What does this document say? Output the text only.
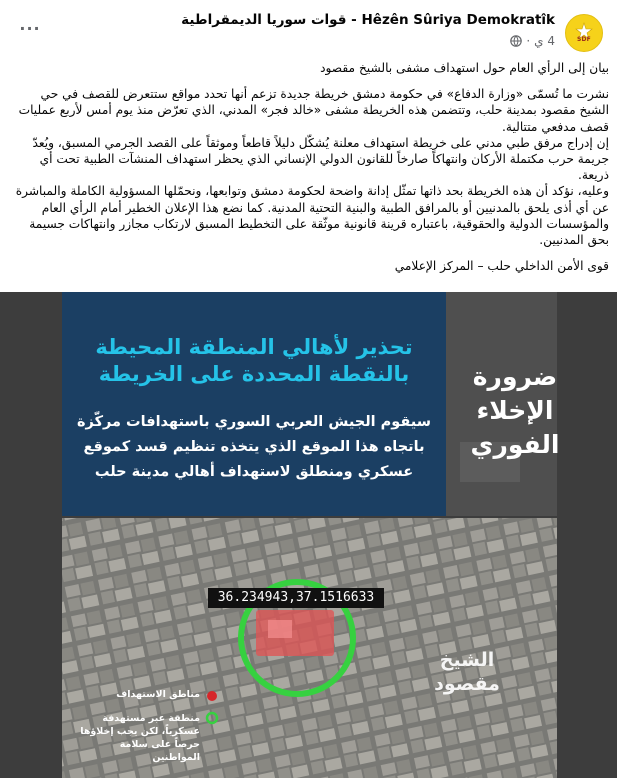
SDF
Hêzên Sûriya Demokratîk - قوات سوريا الديمقراطية
4 ي
·
···

بيان إلى الرأي العام حول استهداف مشفى بالشيخ مقصود

نشرت ما تُسمّى «وزارة الدفاع» في حكومة دمشق خريطة جديدة تزعم أنها تحدد مواقع ستتعرض للقصف في حي الشيخ مقصود بمدينة حلب، وتتضمن هذه الخريطة مشفى «خالد فجر» المدني، الذي تعرّض منذ يوم أمس لأربع عمليات قصف مدفعي متتالية.

إن إدراج مرفق طبي مدني على خريطة استهداف معلنة يُشكّل دليلاً قاطعاً وموثقاً على القصد الجرمي المسبق، ويُعدّ جريمة حرب مكتملة الأركان وانتهاكاً صارخاً للقانون الدولي الإنساني الذي يحظر استهداف المنشآت الطبية تحت أي ذريعة.

وعليه، نؤكد أن هذه الخريطة بحد ذاتها تمثّل إدانة واضحة لحكومة دمشق وتوابعها، ونحمّلها المسؤولية الكاملة والمباشرة عن أي أذى يلحق بالمدنيين أو بالمرافق الطبية والبنية التحتية المدنية. كما نضع هذا الإعلان الخطير أمام الرأي العام والمؤسسات الدولية والحقوقية، باعتباره قرينة قانونية موثّقة على التخطيط المسبق لارتكاب مجازر وانتهاكات جسيمة بحق المدنيين.

قوى الأمن الداخلي حلب – المركز الإعلامي

تحذير لأهالي المنطقة المحيطة بالنقطة المحددة على الخريطة
سيقوم الجيش العربي السوري باستهدافات مركّزة باتجاه هذا الموقع الذي يتخذه تنظيم قسد كموقع عسكري ومنطلق لاستهداف أهالي مدينة حلب
ضرورة الإخلاء الفوري
36.234943,37.1516633
الشيخ مقصود
مناطق الاستهداف
منطقة عبر مستهدفة عسكرياً، لكن يجب إخلاؤها حرصاً على سلامة المواطنين
